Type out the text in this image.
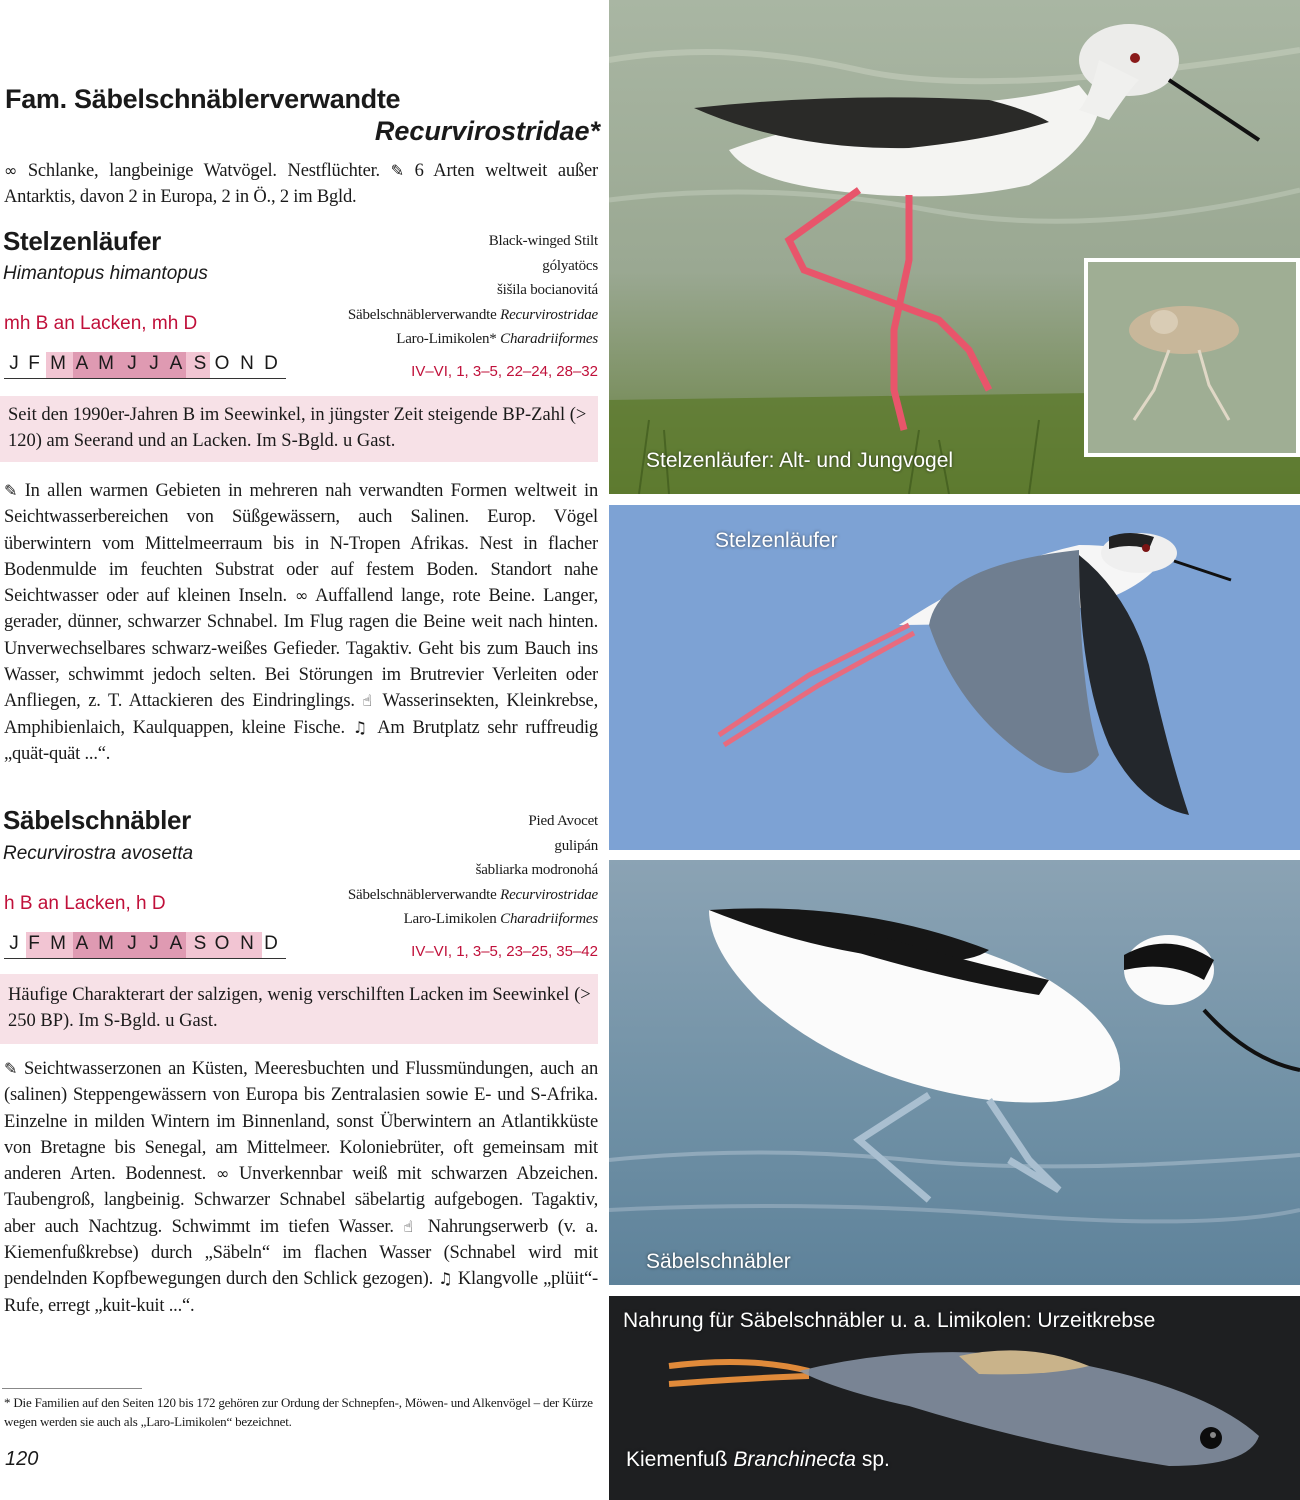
Fam. Säbelschnäblerverwandte
Recurvirostridae*
∞ Schlanke, langbeinige Watvögel. Nestflüchter. ✎ 6 Arten weltweit außer Antarktis, davon 2 in Europa, 2 in Ö., 2 im Bgld.
Stelzenläufer
Himantopus himantopus
mh B an Lacken, mh D
Black-winged Stilt
gólyatöcs
šišila bocianovitá
Säbelschnäblerverwandte Recurvirostridae
Laro-Limikolen* Charadriiformes
J F M A M J J A S O N D	IV–VI, 1, 3–5, 22–24, 28–32
Seit den 1990er-Jahren B im Seewinkel, in jüngster Zeit steigende BP-Zahl (> 120) am Seerand und an Lacken. Im S-Bgld. u Gast.
✎ In allen warmen Gebieten in mehreren nah verwandten Formen weltweit in Seichtwasserbereichen von Süßgewässern, auch Salinen. Europ. Vögel überwintern vom Mittelmeerraum bis in N-Tropen Afrikas. Nest in flacher Bodenmulde im feuchten Substrat oder auf festem Boden. Standort nahe Seichtwasser oder auf kleinen Inseln. ∞ Auffallend lange, rote Beine. Langer, gerader, dünner, schwarzer Schnabel. Im Flug ragen die Beine weit nach hinten. Unverwechselbares schwarz-weißes Gefieder. Tagaktiv. Geht bis zum Bauch ins Wasser, schwimmt jedoch selten. Bei Störungen im Brutrevier Verleiten oder Anfliegen, z. T. Attackieren des Eindringlings. ☝ Wasserinsekten, Kleinkrebse, Amphibienlaich, Kaulquappen, kleine Fische. ♫ Am Brutplatz sehr ruffreudig „quät-quät ...“.
Säbelschnäbler
Recurvirostra avosetta
h B an Lacken, h D
Pied Avocet
gulipán
šabliarka modronohá
Säbelschnäblerverwandte Recurvirostridae
Laro-Limikolen Charadriiformes
J F M A M J J A S O N D	IV–VI, 1, 3–5, 23–25, 35–42
Häufige Charakterart der salzigen, wenig verschilften Lacken im Seewinkel (> 250 BP). Im S-Bgld. u Gast.
✎ Seichtwasserzonen an Küsten, Meeresbuchten und Flussmündungen, auch an (salinen) Steppengewässern von Europa bis Zentralasien sowie E- und S-Afrika. Einzelne in milden Wintern im Binnenland, sonst Überwintern an Atlantikküste von Bretagne bis Senegal, am Mittelmeer. Koloniebrüter, oft gemeinsam mit anderen Arten. Bodennest. ∞ Unverkennbar weiß mit schwarzen Abzeichen. Taubengroß, langbeinig. Schwarzer Schnabel säbelartig aufgebogen. Tagaktiv, aber auch Nachtzug. Schwimmt im tiefen Wasser. ☝ Nahrungserwerb (v. a. Kiemenfußkrebse) durch „Säbeln“ im flachen Wasser (Schnabel wird mit pendelnden Kopfbewegungen durch den Schlick gezogen). ♫ Klangvolle „plüit“-Rufe, erregt „kuit-kuit ...“.
* Die Familien auf den Seiten 120 bis 172 gehören zur Ordung der Schnepfen-, Möwen- und Alkenvögel – der Kürze wegen werden sie auch als „Laro-Limikolen“ bezeichnet.
120
Stelzenläufer: Alt- und Jungvogel
Stelzenläufer
Säbelschnäbler
Nahrung für Säbelschnäbler u. a. Limikolen: Urzeitkrebse
Kiemenfuß Branchinecta sp.
